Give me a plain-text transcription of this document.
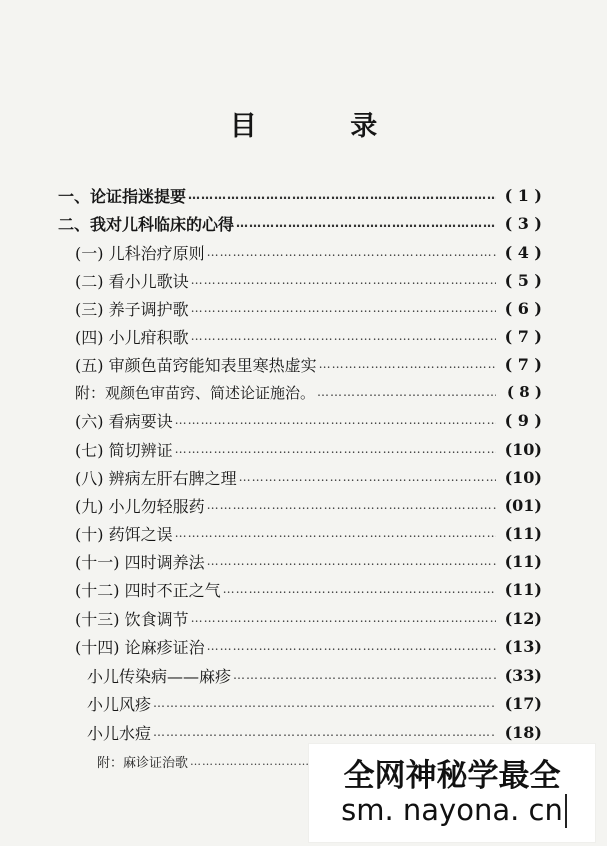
目 录
一、论证指迷提要 …………………………………………………………………………………………………………………………………………………………	( 1 )
二、我对儿科临床的心得 …………………………………………………………………………………………………………………………………………………………	( 3 )
(一) 儿科治疗原则 …………………………………………………………………………………………………………………………………………………………	( 4 )
(二) 看小儿歌诀 …………………………………………………………………………………………………………………………………………………………	( 5 )
(三) 养子调护歌 …………………………………………………………………………………………………………………………………………………………	( 6 )
(四) 小儿疳积歌 …………………………………………………………………………………………………………………………………………………………	( 7 )
(五) 审颜色苗窍能知表里寒热虚实 …………………………………………………………………………………………………………………………………………………………	( 7 )
附：观颜色审苗窍、简述论证施治。 …………………………………………………………………………………………………………………………………………………………	( 8 )
(六) 看病要诀 …………………………………………………………………………………………………………………………………………………………	( 9 )
(七) 简切辨证 …………………………………………………………………………………………………………………………………………………………	(10)
(八) 辨病左肝右脾之理 …………………………………………………………………………………………………………………………………………………………	(10)
(九) 小儿勿轻服药 …………………………………………………………………………………………………………………………………………………………	(01)
(十) 药饵之误 …………………………………………………………………………………………………………………………………………………………	(11)
(十一) 四时调养法 …………………………………………………………………………………………………………………………………………………………	(11)
(十二) 四时不正之气 …………………………………………………………………………………………………………………………………………………………	(11)
(十三) 饮食调节 …………………………………………………………………………………………………………………………………………………………	(12)
(十四) 论麻疹证治 …………………………………………………………………………………………………………………………………………………………	(13)
小儿传染病——麻疹 …………………………………………………………………………………………………………………………………………………………	(33)
小儿风疹 …………………………………………………………………………………………………………………………………………………………	(17)
小儿水痘 …………………………………………………………………………………………………………………………………………………………	(18)
附：麻诊证治歌 …………………………………………………………………………………………………………………………………………………………	全网神秘学最全
sm. nayona. cn
